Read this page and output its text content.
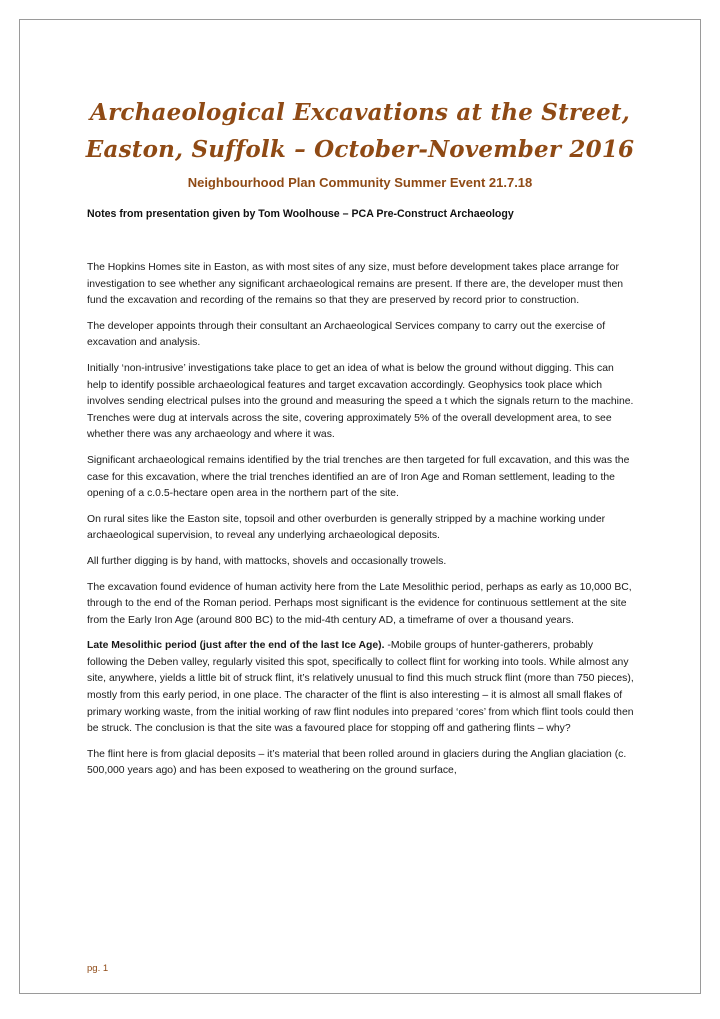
Archaeological Excavations at the Street,
Easton, Suffolk – October-November 2016
Neighbourhood Plan Community Summer Event 21.7.18
Notes from presentation given by Tom Woolhouse – PCA Pre-Construct Archaeology

The Hopkins Homes site in Easton, as with most sites of any size, must before development takes place arrange for investigation to see whether any significant archaeological remains are present. If there are, the developer must then fund the excavation and recording of the remains so that they are preserved by record prior to construction.

The developer appoints through their consultant an Archaeological Services company to carry out the exercise of excavation and analysis.

Initially ‘non-intrusive’ investigations take place to get an idea of what is below the ground without digging. This can help to identify possible archaeological features and target excavation accordingly. Geophysics took place which involves sending electrical pulses into the ground and measuring the speed a t which the signals return to the machine. Trenches were dug at intervals across the site, covering approximately 5% of the overall development area, to see whether there was any archaeology and where it was.

Significant archaeological remains identified by the trial trenches are then targeted for full excavation, and this was the case for this excavation, where the trial trenches identified an are of Iron Age and Roman settlement, leading to the opening of a c.0.5-hectare open area in the northern part of the site.

On rural sites like the Easton site, topsoil and other overburden is generally stripped by a machine working under archaeological supervision, to reveal any underlying archaeological deposits.

All further digging is by hand, with mattocks, shovels and occasionally trowels.

The excavation found evidence of human activity here from the Late Mesolithic period, perhaps as early as 10,000 BC, through to the end of the Roman period. Perhaps most significant is the evidence for continuous settlement at the site from the Early Iron Age (around 800 BC) to the mid-4th century AD, a timeframe of over a thousand years.

Late Mesolithic period (just after the end of the last Ice Age). -Mobile groups of hunter-gatherers, probably following the Deben valley, regularly visited this spot, specifically to collect flint for working into tools. While almost any site, anywhere, yields a little bit of struck flint, it’s relatively unusual to find this much struck flint (more than 750 pieces), mostly from this early period, in one place. The character of the flint is also interesting – it is almost all small flakes of primary working waste, from the initial working of raw flint nodules into prepared ‘cores’ from which flint tools could then be struck. The conclusion is that the site was a favoured place for stopping off and gathering flints – why?

The flint here is from glacial deposits – it’s material that been rolled around in glaciers during the Anglian glaciation (c. 500,000 years ago) and has been exposed to weathering on the ground surface,

pg. 1
